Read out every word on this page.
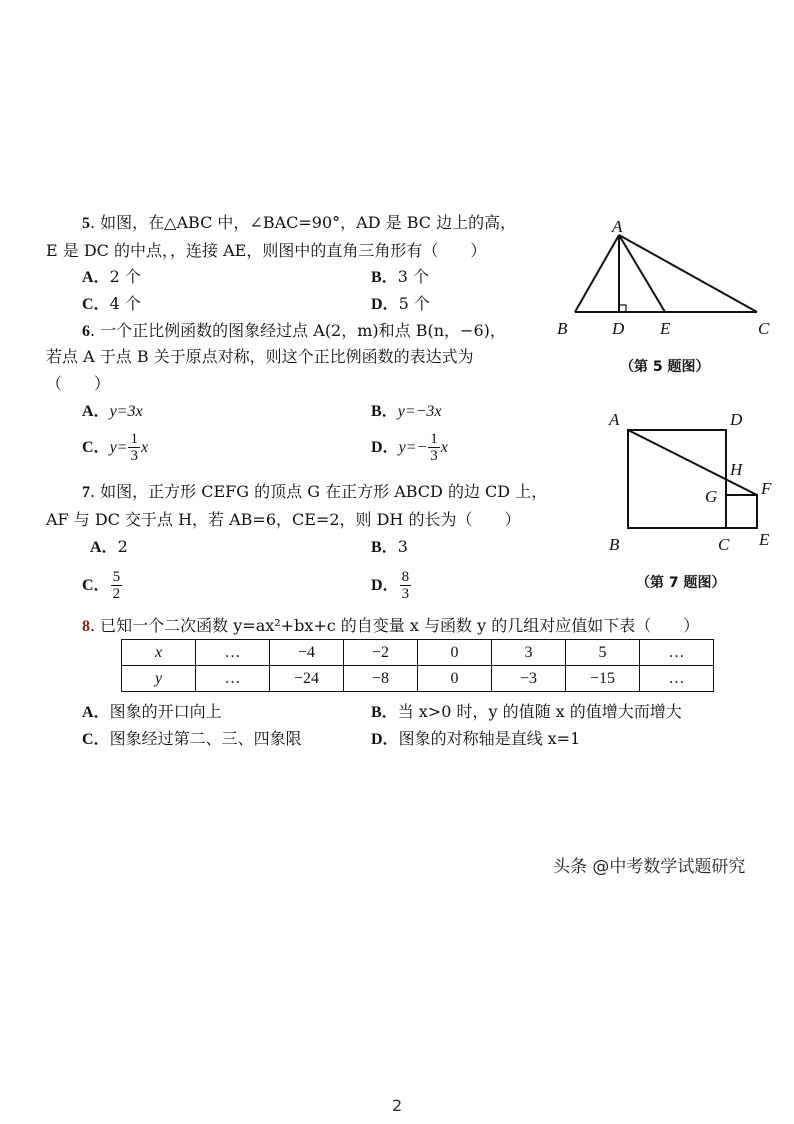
5. 如图，在△ABC 中，∠BAC=90°，AD 是 BC 边上的高，
E 是 DC 的中点，，连接 AE，则图中的直角三角形有（　　）
A．2 个	B．3 个
C．4 个	D．5 个
6. 一个正比例函数的图象经过点 A(2，m)和点 B(n，−6)，
若点 A 于点 B 关于原点对称，则这个正比例函数的表达式为
（　　）
A．y=3x	B．y=−3x
C．$y= \frac{1}{3}$ x	D．$y=- \frac{1}{3}$ x
7. 如图，正方形 CEFG 的顶点 G 在正方形 ABCD 的边 CD 上，
AF 与 DC 交于点 H，若 AB=6，CE=2，则 DH 的长为（　　）
A．2	B．3
C． $\frac{5}{2}$	D． $\frac{8}{3}$
8. 已知一个二次函数 y=ax²+bx+c 的自变量 x 与函数 y 的几组对应值如下表（　　）
x	…	−4	−2	0	3	5	…
y	…	−24	−8	0	−3	−15	…
A．图象的开口向上	B．当 x>0 时，y 的值随 x 的值增大而增大
C．图象经过第二、三、四象限	D．图象的对称轴是直线 x=1
A
B	D E	C
A	D
H
G	F
B	C E
（第 5 题图）
（第 7 题图）
头条 @中考数学试题研究
2
